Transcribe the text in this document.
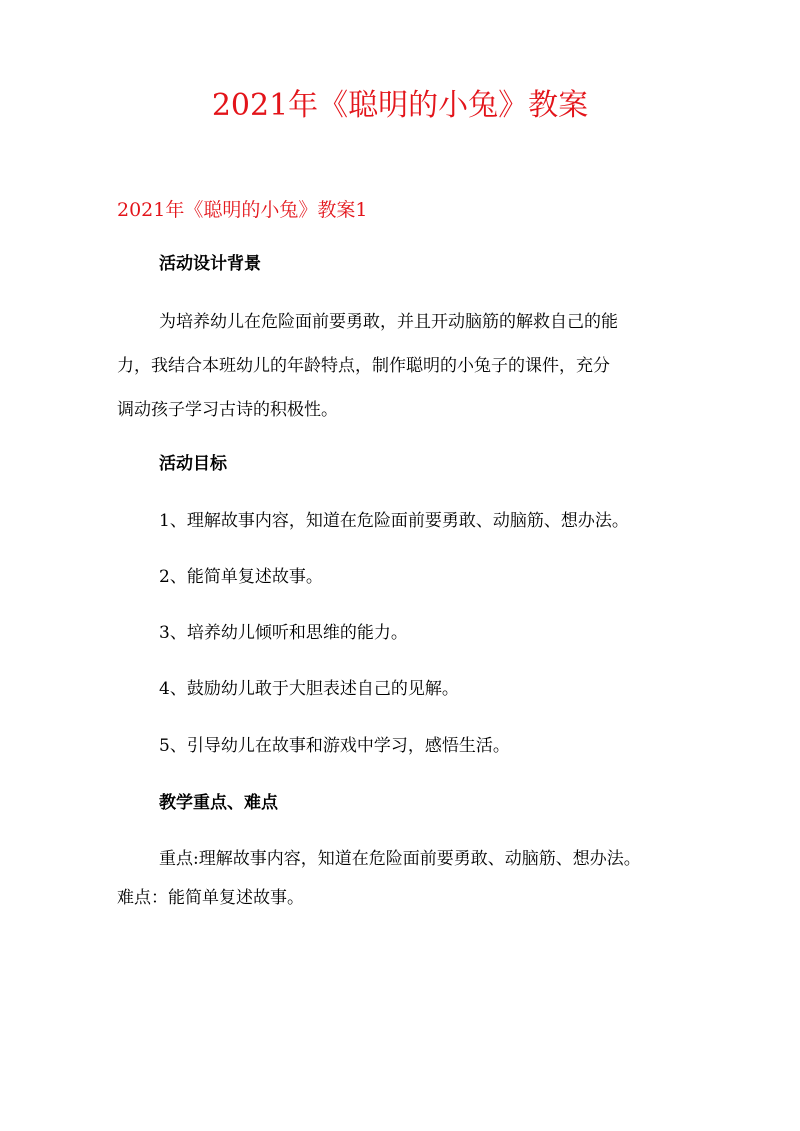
2021年《聪明的小兔》教案
2021年《聪明的小兔》教案1
活动设计背景

为培养幼儿在危险面前要勇敢，并且开动脑筋的解救自己的能
力，我结合本班幼儿的年龄特点，制作聪明的小兔子的课件，充分
调动孩子学习古诗的积极性。

活动目标

1、理解故事内容，知道在危险面前要勇敢、动脑筋、想办法。

2、能简单复述故事。

3、培养幼儿倾听和思维的能力。

4、鼓励幼儿敢于大胆表述自己的见解。

5、引导幼儿在故事和游戏中学习，感悟生活。

教学重点、难点

重点:理解故事内容，知道在危险面前要勇敢、动脑筋、想办法。

难点：能简单复述故事。
